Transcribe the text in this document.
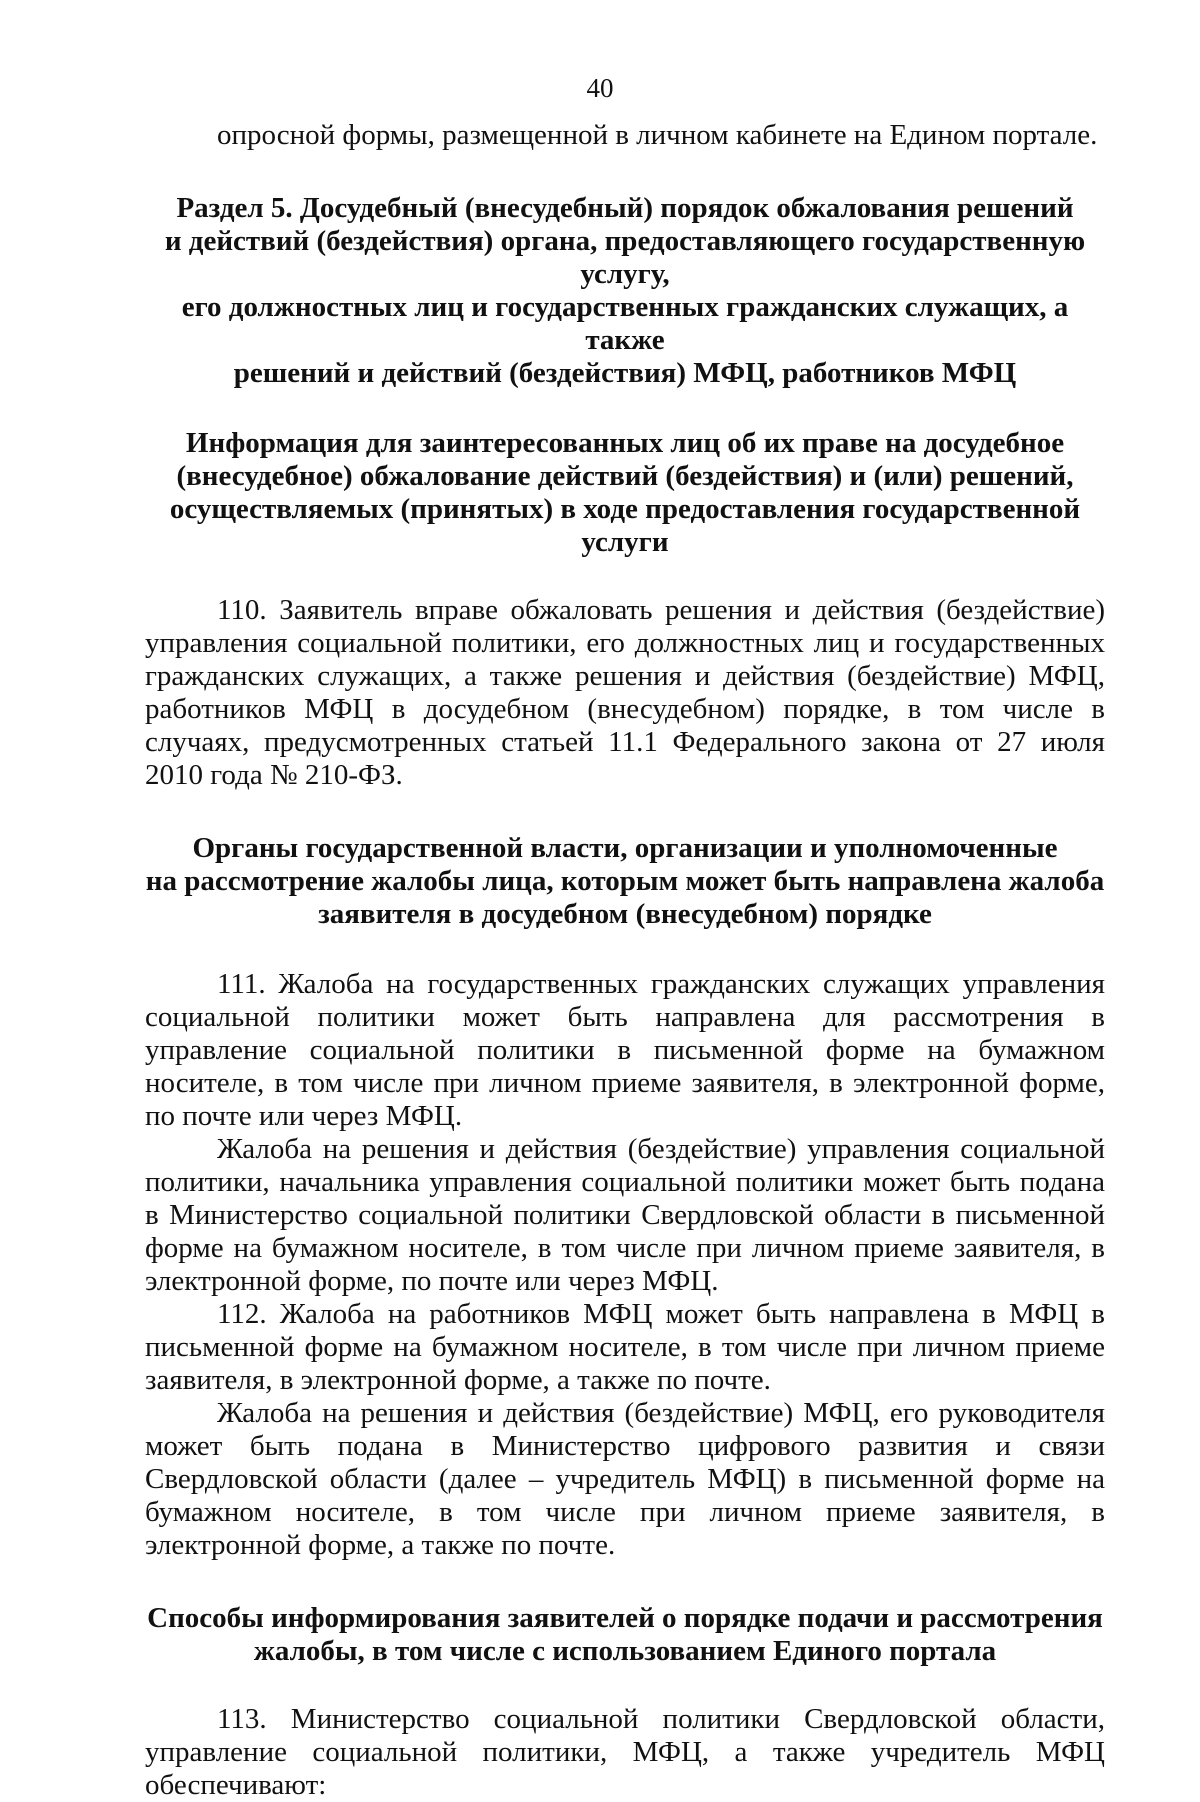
40

опросной формы, размещенной в личном кабинете на Едином портале.

Раздел 5. Досудебный (внесудебный) порядок обжалования решений
и действий (бездействия) органа, предоставляющего государственную услугу,
его должностных лиц и государственных гражданских служащих, а также
решений и действий (бездействия) МФЦ, работников МФЦ
Информация для заинтересованных лиц об их праве на досудебное
(внесудебное) обжалование действий (бездействия) и (или) решений,
осуществляемых (принятых) в ходе предоставления государственной услуги

110. Заявитель вправе обжаловать решения и действия (бездействие) управления социальной политики, его должностных лиц и государственных гражданских служащих, а также решения и действия (бездействие) МФЦ, работников МФЦ в досудебном (внесудебном) порядке, в том числе в случаях, предусмотренных статьей 11.1 Федерального закона от 27 июля 2010 года № 210-ФЗ.

Органы государственной власти, организации и уполномоченные
на рассмотрение жалобы лица, которым может быть направлена жалоба
заявителя в досудебном (внесудебном) порядке

111. Жалоба на государственных гражданских служащих управления социальной политики может быть направлена для рассмотрения в управление социальной политики в письменной форме на бумажном носителе, в том числе при личном приеме заявителя, в электронной форме, по почте или через МФЦ.

Жалоба на решения и действия (бездействие) управления социальной политики, начальника управления социальной политики может быть подана в Министерство социальной политики Свердловской области в письменной форме на бумажном носителе, в том числе при личном приеме заявителя, в электронной форме, по почте или через МФЦ.

112. Жалоба на работников МФЦ может быть направлена в МФЦ в письменной форме на бумажном носителе, в том числе при личном приеме заявителя, в электронной форме, а также по почте.

Жалоба на решения и действия (бездействие) МФЦ, его руководителя может быть подана в Министерство цифрового развития и связи Свердловской области (далее – учредитель МФЦ) в письменной форме на бумажном носителе, в том числе при личном приеме заявителя, в электронной форме, а также по почте.

Способы информирования заявителей о порядке подачи и рассмотрения
жалобы, в том числе с использованием Единого портала

113. Министерство социальной политики Свердловской области, управление социальной политики, МФЦ, а также учредитель МФЦ обеспечивают:
